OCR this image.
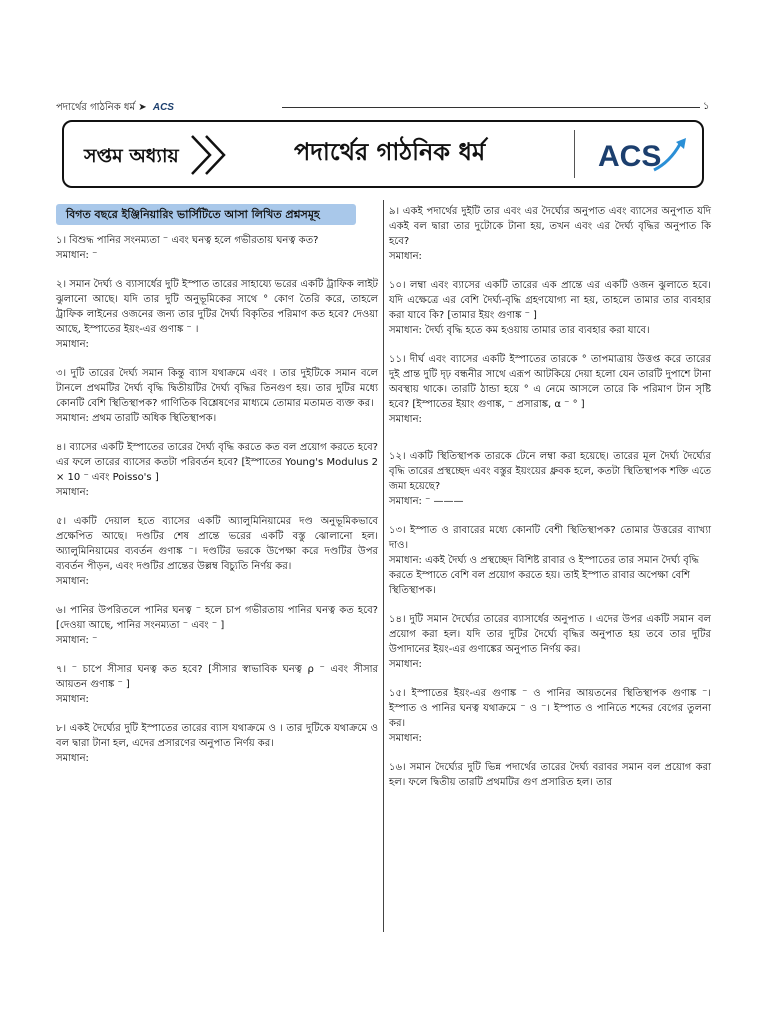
পদার্থের গাঠনিক ধর্ম ➤ ACS	১
সপ্তম অধ্যায়	পদার্থের গাঠনিক ধর্ম	ACS
বিগত বছরে ইঞ্জিনিয়ারিং ভার্সিটিতে আসা লিখিত প্রশ্নসমূহ

১। বিশুদ্ধ পানির সংনম্যতা ⁻ এবং ঘনত্ব হলে গভীরতায় ঘনত্ব কত?

সমাধান: ⁻

২। সমান দৈর্ঘ্য ও ব্যাসার্ধের দুটি ইস্পাত তারের সাহায্যে ভরের একটি ট্রাফিক লাইট ঝুলানো আছে। যদি তার দুটি অনুভূমিকের সাথে ° কোণ তৈরি করে, তাহলে ট্রাফিক লাইনের ওজনের জন্য তার দুটির দৈর্ঘ্য বিকৃতির পরিমাণ কত হবে? দেওয়া আছে, ইস্পাতের ইয়ং-এর গুণাঙ্ক ⁻ ।

সমাধান:

৩। দুটি তারের দৈর্ঘ্য সমান কিন্তু ব্যাস যথাক্রমে এবং । তার দুইটিকে সমান বলে টানলে প্রথমটির দৈর্ঘ্য বৃদ্ধি দ্বিতীয়টির দৈর্ঘ্য বৃদ্ধির তিনগুণ হয়। তার দুটির মধ্যে কোনটি বেশি স্থিতিস্থাপক? গাণিতিক বিশ্লেষণের মাধ্যমে তোমার মতামত ব্যক্ত কর।

সমাধান: প্রথম তারটি অধিক স্থিতিস্থাপক।

৪। ব্যাসের একটি ইস্পাতের তারের দৈর্ঘ্য বৃদ্ধি করতে কত বল প্রয়োগ করতে হবে? এর ফলে তারের ব্যাসের কতটা পরিবর্তন হবে? [ইস্পাতের Young's Modulus 2 × 10 ⁻ এবং Poisso's ]

সমাধান:

৫। একটি দেয়াল হতে ব্যাসের একটি অ্যালুমিনিয়ামের দণ্ড অনুভূমিকভাবে প্রক্ষেপিত আছে। দণ্ডটির শেষ প্রান্তে ভরের একটি বস্তু ঝোলানো হল। অ্যালুমিনিয়ামের ব্যবর্তন গুণাঙ্ক ⁻। দণ্ডটির ভরকে উপেক্ষা করে দণ্ডটির উপর ব্যবর্তন পীড়ন, এবং দণ্ডটির প্রান্তের উল্লম্ব বিচ্যুতি নির্ণয় কর।

সমাধান:

৬। পানির উপরিতলে পানির ঘনত্ব ⁻ হলে চাপ গভীরতায় পানির ঘনত্ব কত হবে? [দেওয়া আছে, পানির সংনম্যতা ⁻ এবং ⁻ ]

সমাধান: ⁻

৭। ⁻ চাপে সীসার ঘনত্ব কত হবে? [সীসার স্বাভাবিক ঘনত্ব ρ ⁻ এবং সীসার আয়তন গুণাঙ্ক ⁻ ]

সমাধান:

৮। একই দৈর্ঘ্যের দুটি ইস্পাতের তারের ব্যাস যথাক্রমে ও । তার দুটিকে যথাক্রমে ও বল দ্বারা টানা হল, এদের প্রসারণের অনুপাত নির্ণয় কর।

সমাধান:

৯। একই পদার্থের দুইটি তার এবং এর দৈর্ঘ্যের অনুপাত এবং ব্যাসের অনুপাত যদি একই বল দ্বারা তার দুটোকে টানা হয়, তখন এবং এর দৈর্ঘ্য বৃদ্ধির অনুপাত কি হবে?

সমাধান:

১০। লম্বা এবং ব্যাসের একটি তারের এক প্রান্তে এর একটি ওজন ঝুলাতে হবে। যদি এক্ষেত্রে এর বেশি দৈর্ঘ্য-বৃদ্ধি গ্রহণযোগ্য না হয়, তাহলে তামার তার ব্যবহার করা যাবে কি? [তামার ইয়ং গুণাঙ্ক ⁻ ]

সমাধান: দৈর্ঘ্য বৃদ্ধি হতে কম হওয়ায় তামার তার ব্যবহার করা যাবে।

১১। দীর্ঘ এবং ব্যাসের একটি ইস্পাতের তারকে ° তাপমাত্রায় উত্তপ্ত করে তারের দুই প্রান্ত দুটি দৃঢ় বন্ধনীর সাথে এরূপ আটকিয়ে দেয়া হলো যেন তারটি দুপাশে টানা অবস্থায় থাকে। তারটি ঠান্ডা হয়ে ° এ নেমে আসলে তারে কি পরিমাণ টান সৃষ্টি হবে? [ইস্পাতের ইয়াং গুণাঙ্ক, ⁻ প্রসারাঙ্ক, α ⁻ ° ]

সমাধান:

১২। একটি স্থিতিস্থাপক তারকে টেনে লম্বা করা হয়েছে। তারের মূল দৈর্ঘ্য দৈর্ঘ্যের বৃদ্ধি তারের প্রস্থচ্ছেদ এবং বস্তুর ইয়ংয়ের ধ্রুবক হলে, কতটা স্থিতিস্থাপক শক্তি এতে জমা হয়েছে?

সমাধান: ⁻ ———

১৩। ইস্পাত ও রাবারের মধ্যে কোনটি বেশী স্থিতিস্থাপক? তোমার উত্তরের ব্যাখ্যা দাও।

সমাধান: একই দৈর্ঘ্য ও প্রস্থচ্ছেদ বিশিষ্ট রাবার ও ইস্পাতের তার সমান দৈর্ঘ্য বৃদ্ধি করতে ইস্পাতে বেশি বল প্রয়োগ করতে হয়। তাই ইস্পাত রাবার অপেক্ষা বেশি স্থিতিস্থাপক।

১৪। দুটি সমান দৈর্ঘ্যের তারের ব্যাসার্ধের অনুপাত । এদের উপর একটি সমান বল প্রয়োগ করা হল। যদি তার দুটির দৈর্ঘ্যে বৃদ্ধির অনুপাত হয় তবে তার দুটির উপাদানের ইয়ং-এর গুণাঙ্কের অনুপাত নির্ণয় কর।

সমাধান:

১৫। ইস্পাতের ইয়ং-এর গুণাঙ্ক ⁻ ও পানির আয়তনের স্থিতিস্থাপক গুণাঙ্ক ⁻। ইস্পাত ও পানির ঘনত্ব যথাক্রমে ⁻ ও ⁻। ইস্পাত ও পানিতে শব্দের বেগের তুলনা কর।

সমাধান:

১৬। সমান দৈর্ঘ্যের দুটি ভিন্ন পদার্থের তারের দৈর্ঘ্য বরাবর সমান বল প্রয়োগ করা হল। ফলে দ্বিতীয় তারটি প্রথমটির গুণ প্রসারিত হল। তার
